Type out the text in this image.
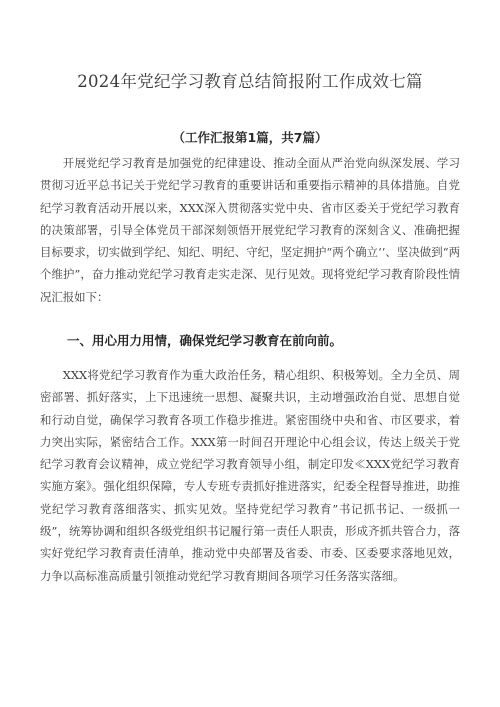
2024年党纪学习教育总结简报附工作成效七篇
（工作汇报第1篇，共7篇）

开展党纪学习教育是加强党的纪律建设、推动全面从严治党向纵深发展、学习贯彻习近平总书记关于党纪学习教育的重要讲话和重要指示精神的具体措施。自党纪学习教育活动开展以来，XXX深入贯彻落实党中央、省市区委关于党纪学习教育的决策部署，引导全体党员干部深刻领悟开展党纪学习教育的深刻含义、准确把握目标要求，切实做到学纪、知纪、明纪、守纪，坚定拥护“两个确立‘’、坚决做到“两个维护”，奋力推动党纪学习教育走实走深、见行见效。现将党纪学习教育阶段性情况汇报如下：

一、用心用力用情，确保党纪学习教育在前向前。

XXX将党纪学习教育作为重大政治任务，精心组织、积极筹划。全力全员、周密部署、抓好落实，上下迅速统一思想、凝聚共识，主动增强政治自觉、思想自觉和行动自觉，确保学习教育各项工作稳步推进。紧密围绕中央和省、市区要求，着力突出实际，紧密结合工作。XXX第一时间召开理论中心组会议，传达上级关于党纪学习教育会议精神，成立党纪学习教育领导小组，制定印发≪XXX党纪学习教育实施方案》。强化组织保障，专人专班专责抓好推进落实，纪委全程督导推进，助推党纪学习教育落细落实、抓实见效。坚持党纪学习教育”书记抓书记、一级抓一级”，统筹协调和组织各级党组织书记履行第一责任人职责，形成齐抓共管合力，落实好党纪学习教育责任清单，推动党中央部署及省委、市委、区委要求落地见效，力争以高标准高质量引领推动党纪学习教育期间各项学习任务落实落细。
